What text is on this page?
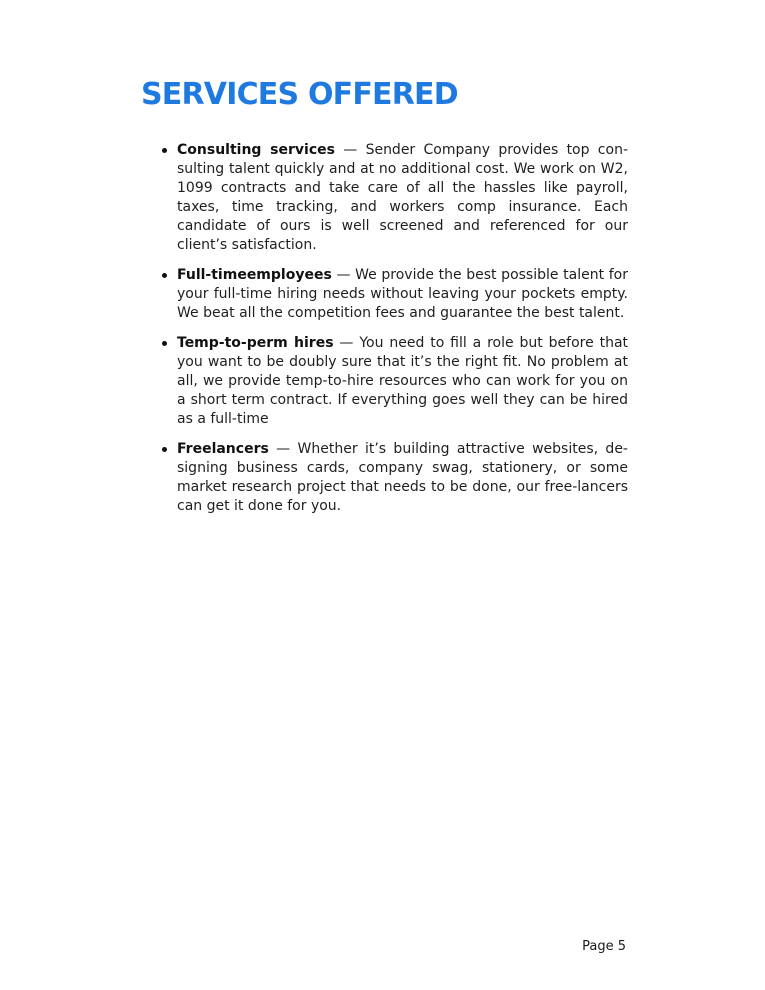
SERVICES OFFERED
Consulting services — Sender Company provides top con-sulting talent quickly and at no additional cost. We work on W2, 1099 contracts and take care of all the hassles like payroll, taxes, time tracking, and workers comp insurance. Each candidate of ours is well screened and referenced for our client’s satisfaction.
Full-timeemployees — We provide the best possible talent for your full-time hiring needs without leaving your pockets empty. We beat all the competition fees and guarantee the best talent.
Temp-to-perm hires — You need to fill a role but before that you want to be doubly sure that it’s the right fit. No problem at all, we provide temp-to-hire resources who can work for you on a short term contract. If everything goes well they can be hired as a full-time
Freelancers — Whether it’s building attractive websites, de-signing business cards, company swag, stationery, or some market research project that needs to be done, our free-lancers can get it done for you.
Page 5
